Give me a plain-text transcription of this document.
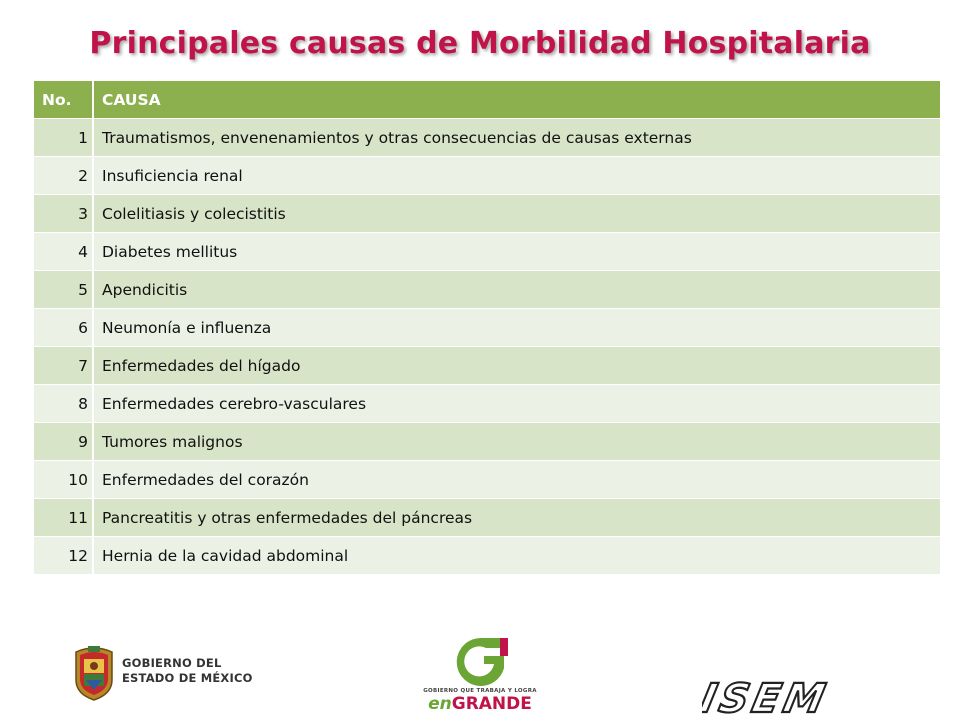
Principales causas de Morbilidad Hospitalaria
No.	CAUSA
1	Traumatismos, envenenamientos y otras consecuencias de causas externas
2	Insuficiencia renal
3	Colelitiasis y colecistitis
4	Diabetes mellitus
5	Apendicitis
6	Neumonía e influenza
7	Enfermedades del hígado
8	Enfermedades cerebro-vasculares
9	Tumores malignos
10	Enfermedades del corazón
11	Pancreatitis y otras enfermedades del páncreas
12	Hernia de la cavidad abdominal
GOBIERNO DEL
ESTADO DE MÉXICO
GOBIERNO QUE TRABAJA Y LOGRA
enGRANDE	ISEM
